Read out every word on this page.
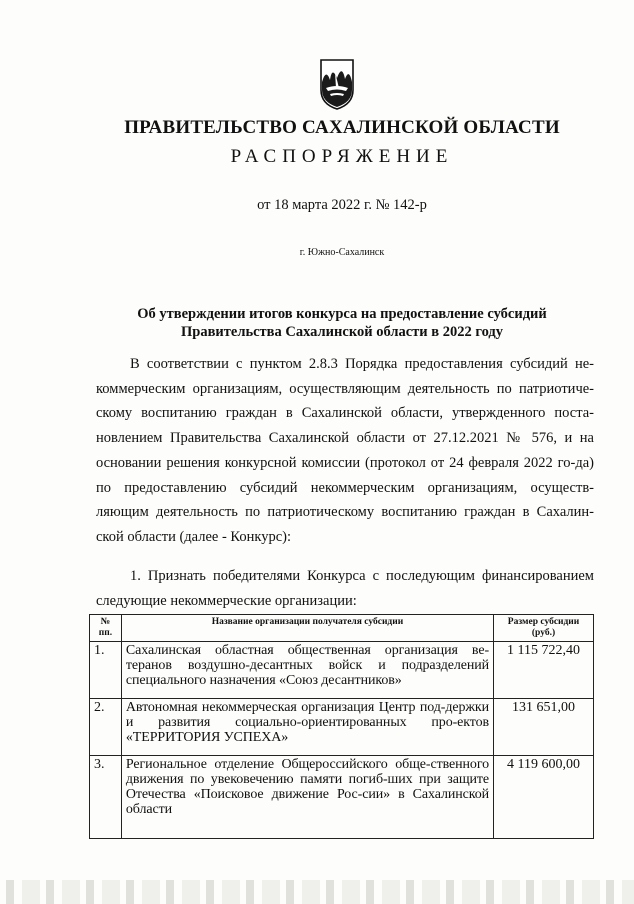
ПРАВИТЕЛЬСТВО САХАЛИНСКОЙ ОБЛАСТИ
РАСПОРЯЖЕНИЕ
от 18 марта 2022 г. № 142-р
г. Южно-Сахалинск
Об утверждении итогов конкурса на предоставление субсидий
Правительства Сахалинской области в 2022 году
В соответствии с пунктом 2.8.3 Порядка предоставления субсидий не-коммерческим организациям, осуществляющим деятельность по патриотиче-скому воспитанию граждан в Сахалинской области, утвержденного поста-новлением Правительства Сахалинской области от 27.12.2021 № 576, и на основании решения конкурсной комиссии (протокол от 24 февраля 2022 го-да) по предоставлению субсидий некоммерческим организациям, осуществ-ляющим деятельность по патриотическому воспитанию граждан в Сахалин-ской области (далее - Конкурс):
1. Признать победителями Конкурса с последующим финансированием следующие некоммерческие организации:
№ пп.	Название организации получателя субсидии	Размер субсидии (руб.)
1.	Сахалинская областная общественная организация ве-теранов воздушно-десантных войск и подразделений специального назначения «Союз десантников»	1 115 722,40
2.	Автономная некоммерческая организация Центр под-держки и развития социально-ориентированных про-ектов «ТЕРРИТОРИЯ УСПЕХА»	131 651,00
3.	Региональное отделение Общероссийского обще-ственного движения по увековечению памяти погиб-ших при защите Отечества «Поисковое движение Рос-сии» в Сахалинской области	4 119 600,00
